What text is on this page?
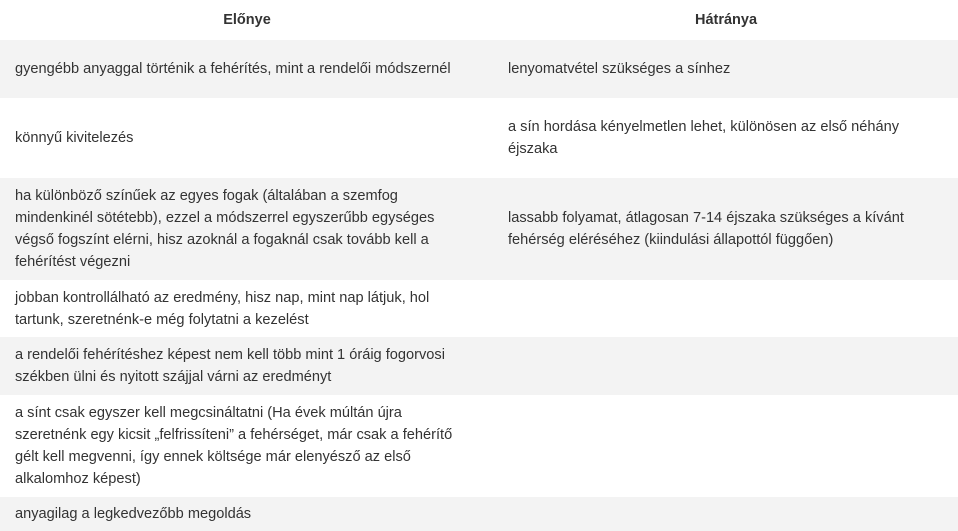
Előnye	Hátránya
gyengébb anyaggal történik a fehérítés, mint a rendelői módszernél	lenyomatvétel szükséges a sínhez
könnyű kivitelezés	a sín hordása kényelmetlen lehet, különösen az első néhány éjszaka
ha különböző színűek az egyes fogak (általában a szemfog mindenkinél sötétebb), ezzel a módszerrel egyszerűbb egységes végső fogszínt elérni, hisz azoknál a fogaknál csak tovább kell a fehérítést végezni	lassabb folyamat, átlagosan 7-14 éjszaka szükséges a kívánt fehérség eléréséhez (kiindulási állapottól függően)
jobban kontrollálható az eredmény, hisz nap, mint nap látjuk, hol tartunk, szeretnénk-e még folytatni a kezelést	
a rendelői fehérítéshez képest nem kell több mint 1 óráig fogorvosi székben ülni és nyitott szájjal várni az eredményt	
a sínt csak egyszer kell megcsináltatni (Ha évek múltán újra szeretnénk egy kicsit „felfrissíteni” a fehérséget, már csak a fehérítő gélt kell megvenni, így ennek költsége már elenyésző az első alkalomhoz képest)	
anyagilag a legkedvezőbb megoldás	
